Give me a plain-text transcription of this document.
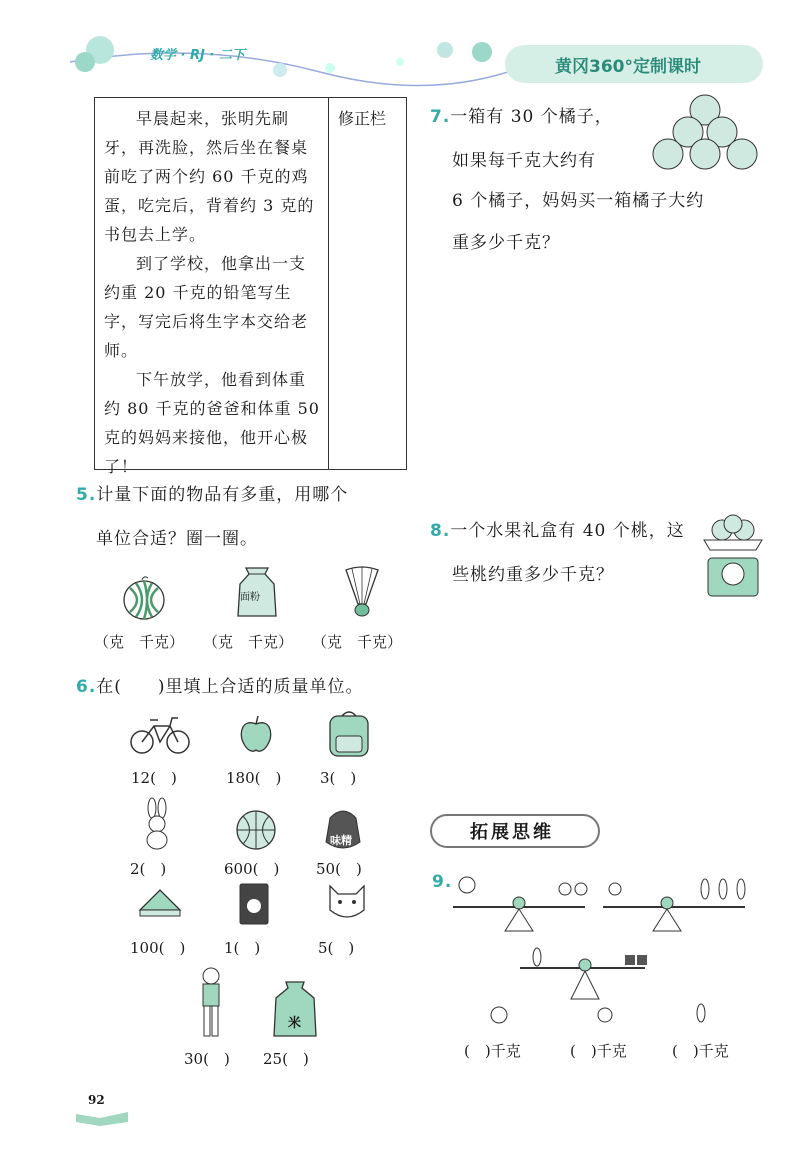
数学 · RJ · 二下
黄冈360°定制课时

早晨起来，张明先刷牙，再洗脸，然后坐在餐桌前吃了两个约 60 千克的鸡蛋，吃完后，背着约 3 克的书包去上学。

到了学校，他拿出一支约重 20 千克的铅笔写生字，写完后将生字本交给老师。

下午放学，他看到体重约 80 千克的爸爸和体重 50 克的妈妈来接他，他开心极了！

修正栏
5.计量下面的物品有多重，用哪个
单位合适？圈一圈。
面粉
（克　千克） （克　千克） （克　千克）
6.在(　　)里填上合适的质量单位。
12(　)	180(　)	3(　)
味精
2(　)	600(　) 50(　)
100(　)	1(　)	5(　)
米
30(　) 25(　)
7.一箱有 30 个橘子，
如果每千克大约有
6 个橘子，妈妈买一箱橘子大约
重多少千克？
8.一个水果礼盒有 40 个桃，这
些桃约重多少千克？
拓展思维
9.
(　)千克	(　)千克	(　)千克
92
